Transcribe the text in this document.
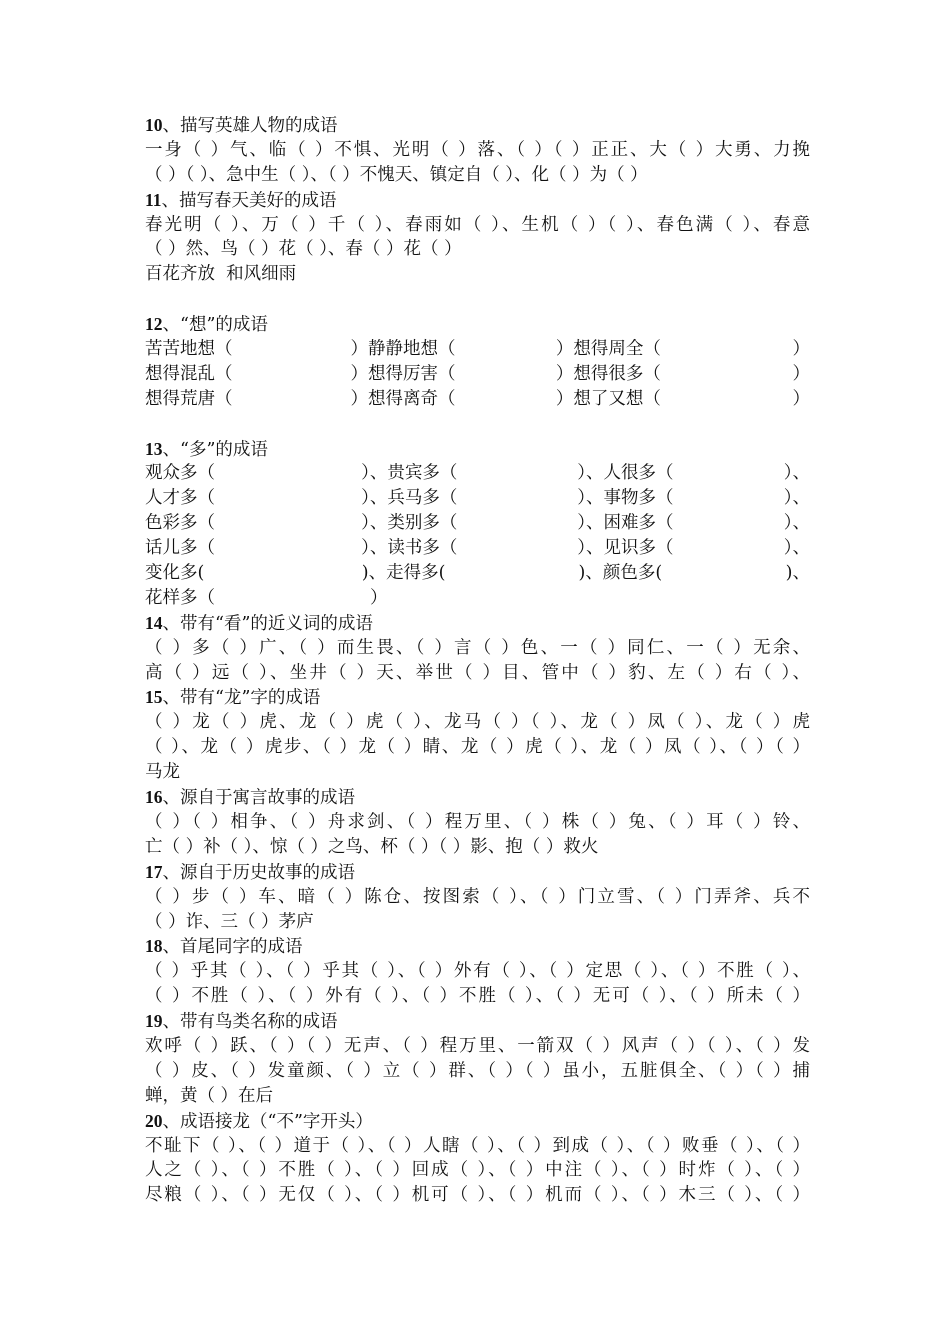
10、描写英雄人物的成语
一身（ ）气、临（ ）不惧、光明（ ）落、（ ）（ ）正正、大（ ）大勇、力挽
（ ）（ ）、急中生（ ）、（ ）不愧天、镇定自（ ）、化（ ）为（ ）
11、描写春天美好的成语
春光明（ ）、万（ ）千（ ）、春雨如（ ）、生机（ ）（ ）、春色满（ ）、春意
（ ）然、鸟（ ）花（ ）、春（ ）花（ ）
百花齐放  和风细雨
12、“想”的成语
苦苦地想（	）静静地想（	）想得周全（	）
想得混乱（	）想得厉害（	）想得很多（	）
想得荒唐（	）想得离奇（	）想了又想（	）
13、“多”的成语
观众多（	）、贵宾多（	）、人很多（	）、
人才多（	）、兵马多（	）、事物多（	）、
色彩多（	）、类别多（	）、困难多（	）、
话儿多（	）、读书多（	）、见识多（	）、
变化多(	)、走得多(	)、颜色多(	)、
花样多（	）
14、带有“看”的近义词的成语
（ ）多（ ）广、（ ）而生畏、（ ）言（ ）色、一（ ）同仁、一（ ）无余、
高（ ）远（ ）、坐井（ ）天、举世（ ）目、管中（ ）豹、左（ ）右（ ）、
15、带有“龙”字的成语
（ ）龙（ ）虎、龙（ ）虎（ ）、龙马（ ）（ ）、龙（ ）凤（ ）、龙（ ）虎
（ ）、龙（ ）虎步、（ ）龙（ ）睛、龙（ ）虎（ ）、龙（ ）凤（ ）、（ ）（ ）
马龙
16、源自于寓言故事的成语
（ ）（ ）相争、（ ）舟求剑、（ ）程万里、（ ）株（ ）兔、（ ）耳（ ）铃、
亡（ ）补（ ）、惊（ ）之鸟、杯（ ）（ ）影、抱（ ）救火
17、源自于历史故事的成语
（ ）步（ ）车、暗（ ）陈仓、按图索（ ）、（ ）门立雪、（ ）门弄斧、兵不
（ ）诈、三（ ）茅庐
18、首尾同字的成语
（ ）乎其（ ）、（ ）乎其（ ）、（ ）外有（ ）、（ ）定思（ ）、（ ）不胜（ ）、
（ ）不胜（ ）、（ ）外有（ ）、（ ）不胜（ ）、（ ）无可（ ）、（ ）所未（ ）
19、带有鸟类名称的成语
欢呼（ ）跃、（ ）（ ）无声、（ ）程万里、一箭双（ ）风声（ ）（ ）、（ ）发
（ ）皮、（ ）发童颜、（ ）立（ ）群、（ ）（ ）虽小，五脏俱全、（ ）（ ）捕
蝉，黄（ ）在后
20、成语接龙（“不”字开头）
不耻下（ ）、（ ）道于（ ）、（ ）人瞎（ ）、（ ）到成（ ）、（ ）败垂（ ）、（ ）
人之（ ）、（ ）不胜（ ）、（ ）回成（ ）、（ ）中注（ ）、（ ）时炸（ ）、（ ）
尽粮（ ）、（ ）无仅（ ）、（ ）机可（ ）、（ ）机而（ ）、（ ）木三（ ）、（ ）
